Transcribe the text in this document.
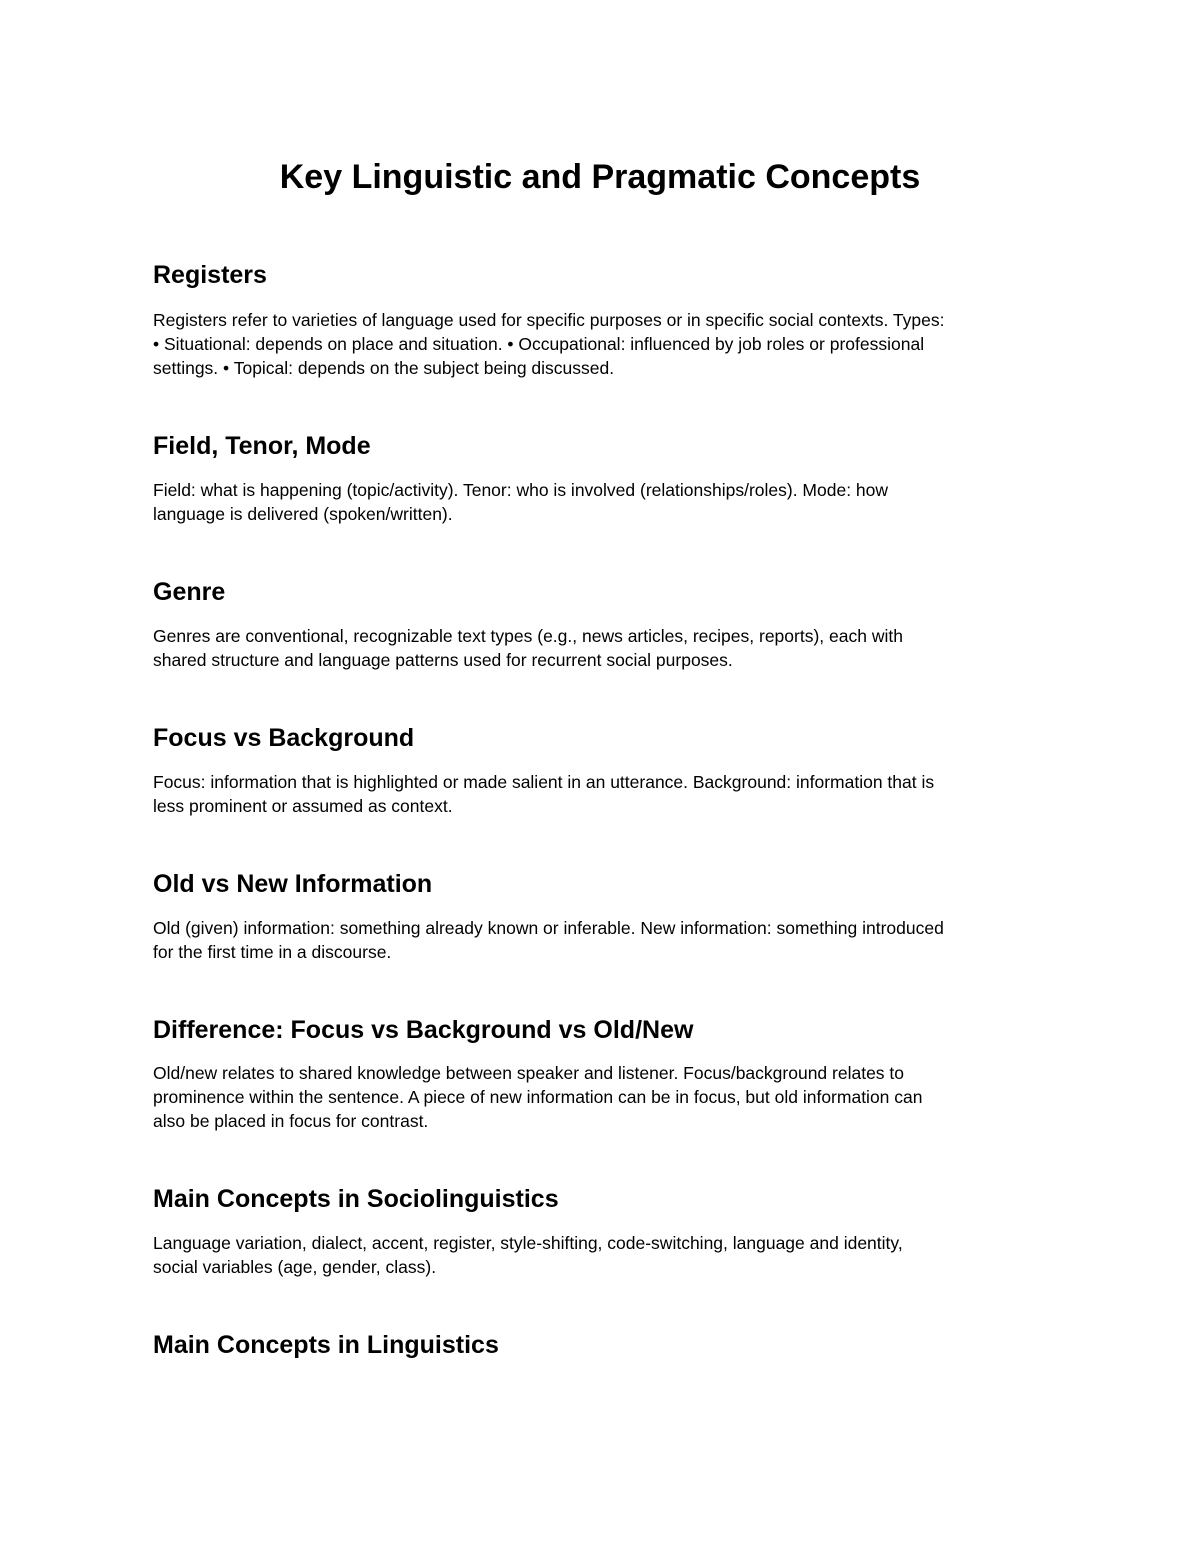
Key Linguistic and Pragmatic Concepts
Registers
Registers refer to varieties of language used for specific purposes or in specific social contexts. Types:
• Situational: depends on place and situation. • Occupational: influenced by job roles or professional
settings. • Topical: depends on the subject being discussed.
Field, Tenor, Mode
Field: what is happening (topic/activity). Tenor: who is involved (relationships/roles). Mode: how
language is delivered (spoken/written).
Genre
Genres are conventional, recognizable text types (e.g., news articles, recipes, reports), each with
shared structure and language patterns used for recurrent social purposes.
Focus vs Background
Focus: information that is highlighted or made salient in an utterance. Background: information that is
less prominent or assumed as context.
Old vs New Information
Old (given) information: something already known or inferable. New information: something introduced
for the first time in a discourse.
Difference: Focus vs Background vs Old/New
Old/new relates to shared knowledge between speaker and listener. Focus/background relates to
prominence within the sentence. A piece of new information can be in focus, but old information can
also be placed in focus for contrast.
Main Concepts in Sociolinguistics
Language variation, dialect, accent, register, style-shifting, code-switching, language and identity,
social variables (age, gender, class).
Main Concepts in Linguistics
